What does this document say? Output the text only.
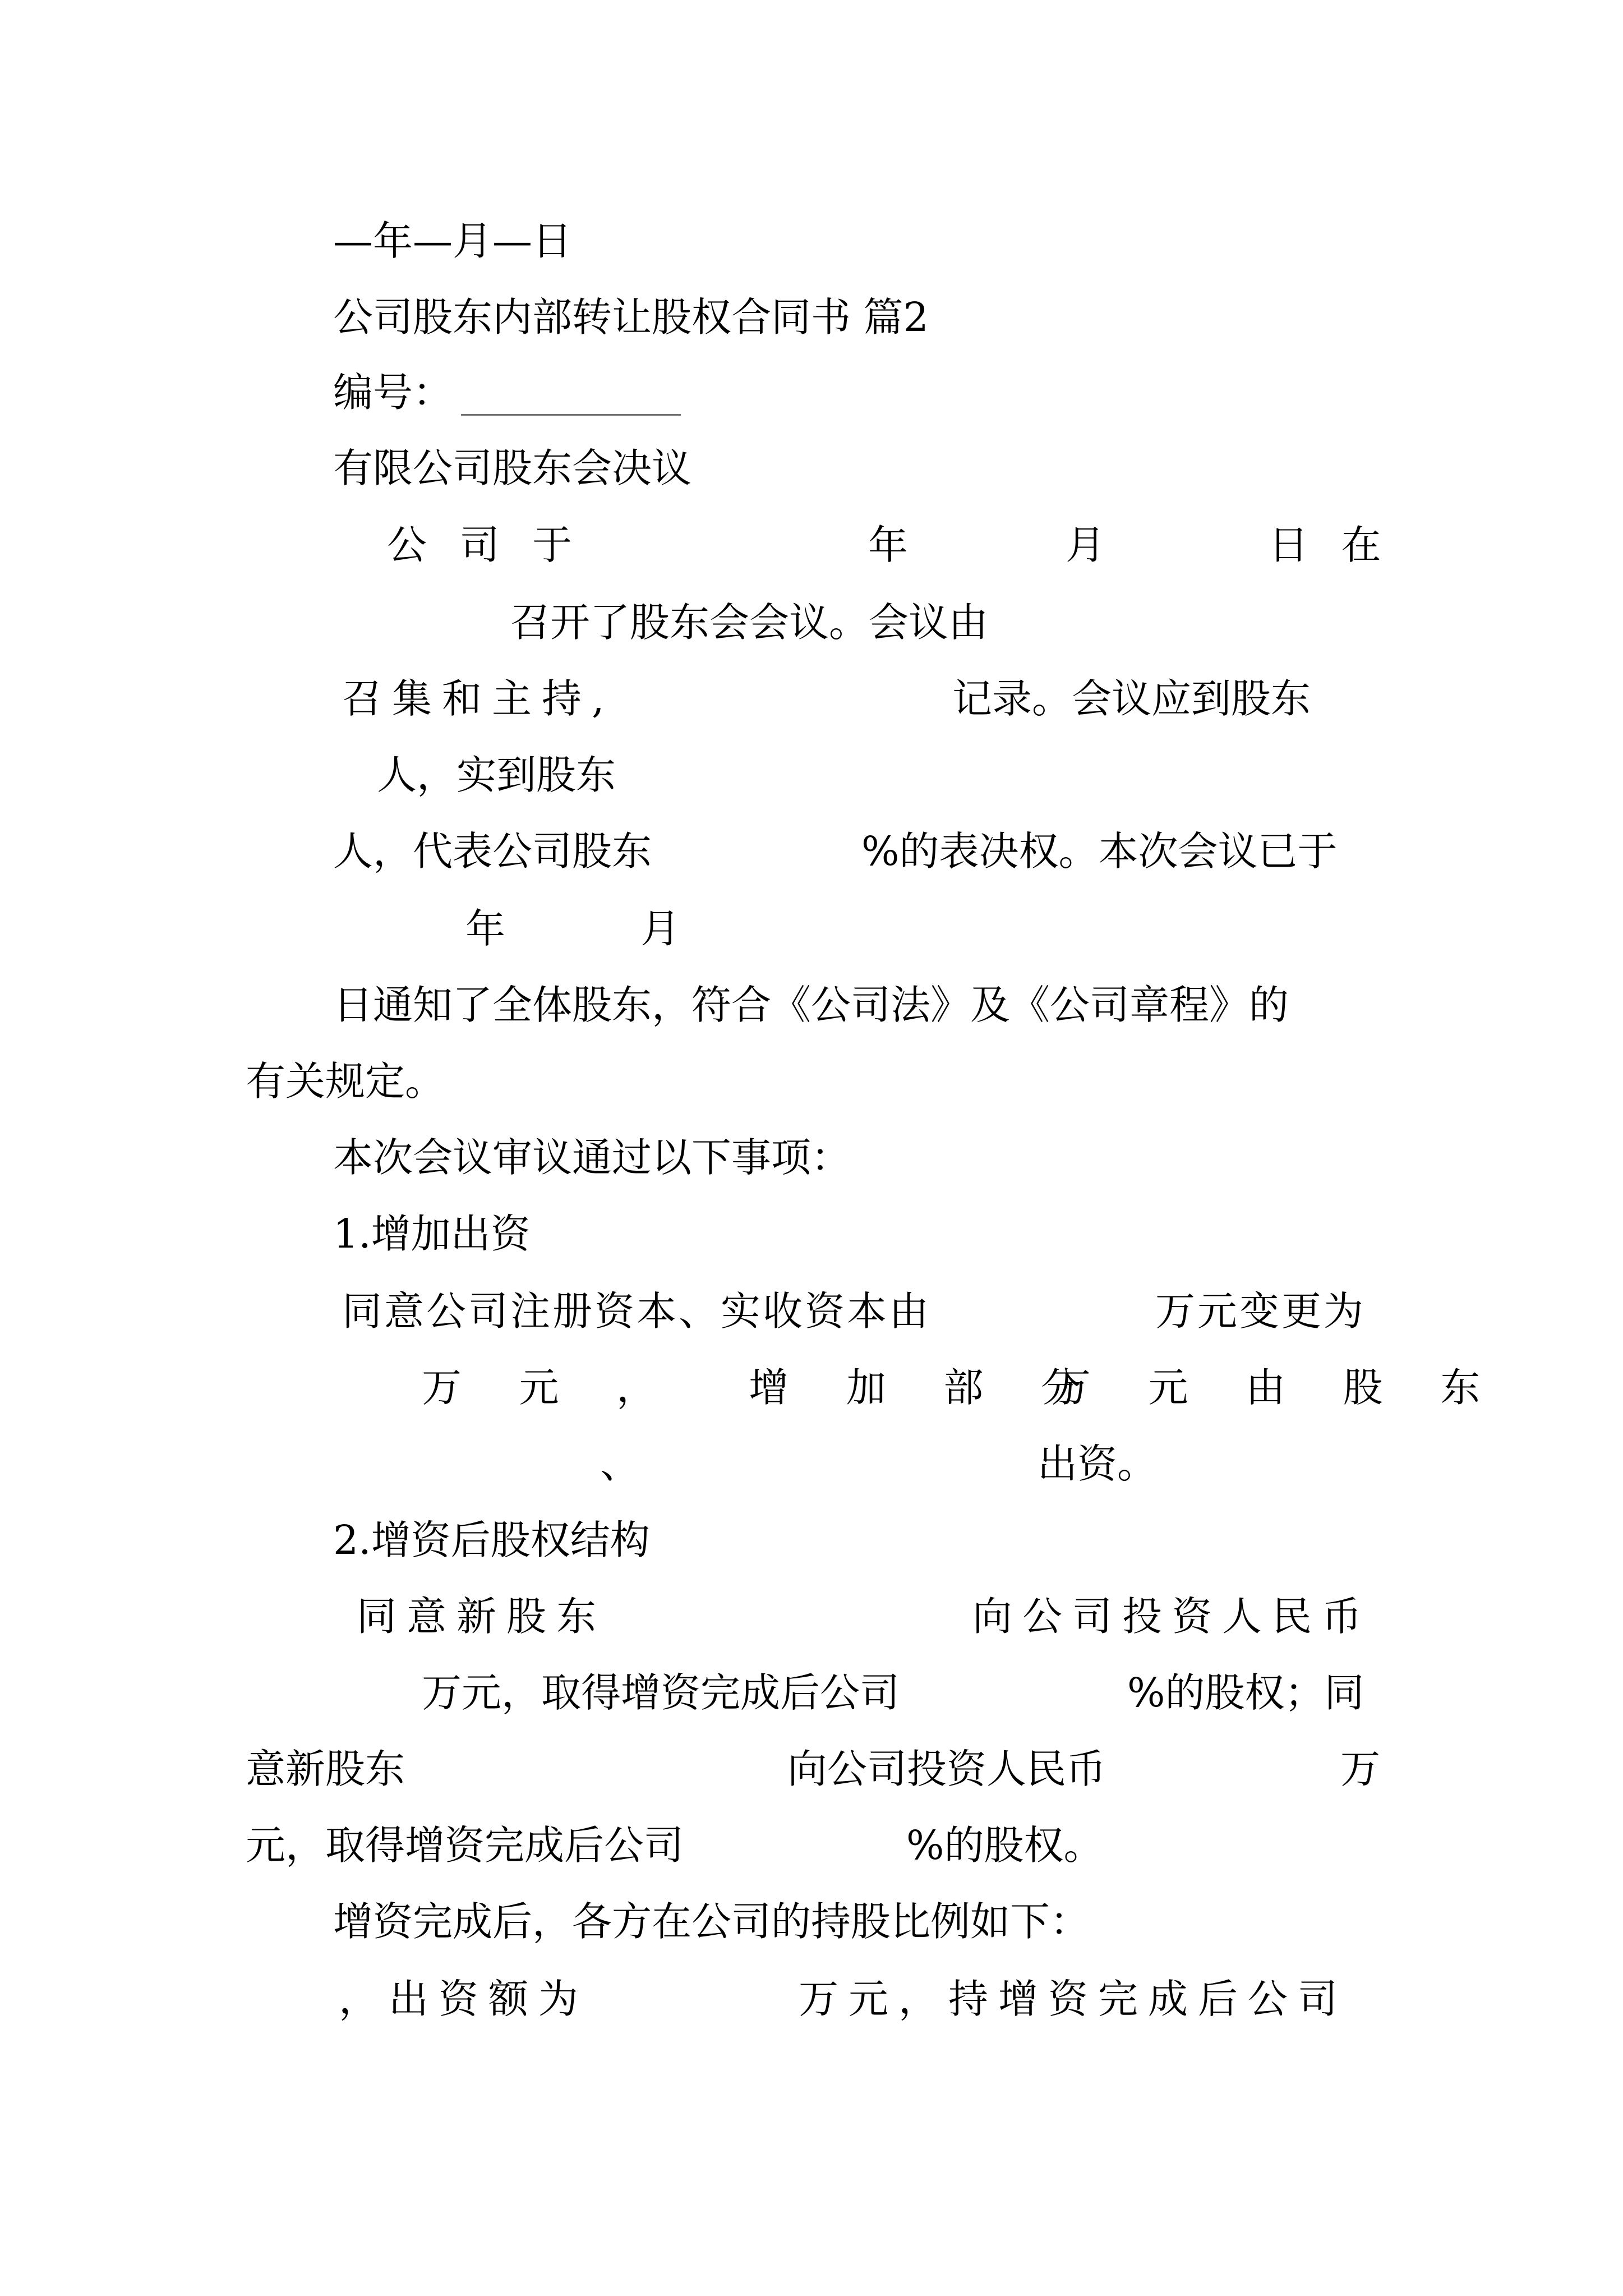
—年—月—日
公司股东内部转让股权合同书 篇2
编号：
有限公司股东会决议
公 司 于	年	月	日 在
召开了股东会会议。会议由
召集和主持,	记录。会议应到股东
人，实到股东
人，代表公司股东	%的表决权。本次会议已于
年	月
日通知了全体股东，符合《公司法》及《公司章程》的
有关规定。
本次会议审议通过以下事项：
1.增加出资
同意公司注册资本、实收资本由	万元变更为
万 元 ，  增 加 部 分
万 元 由 股 东
、	出资。
2.增资后股权结构
同意新股东	向公司投资人民币
万元，取得增资完成后公司	%的股权；同
意新股东	向公司投资人民币	万
元，取得增资完成后公司	%的股权。
增资完成后，各方在公司的持股比例如下：
，出资额为	万元，持增资完成后公司
